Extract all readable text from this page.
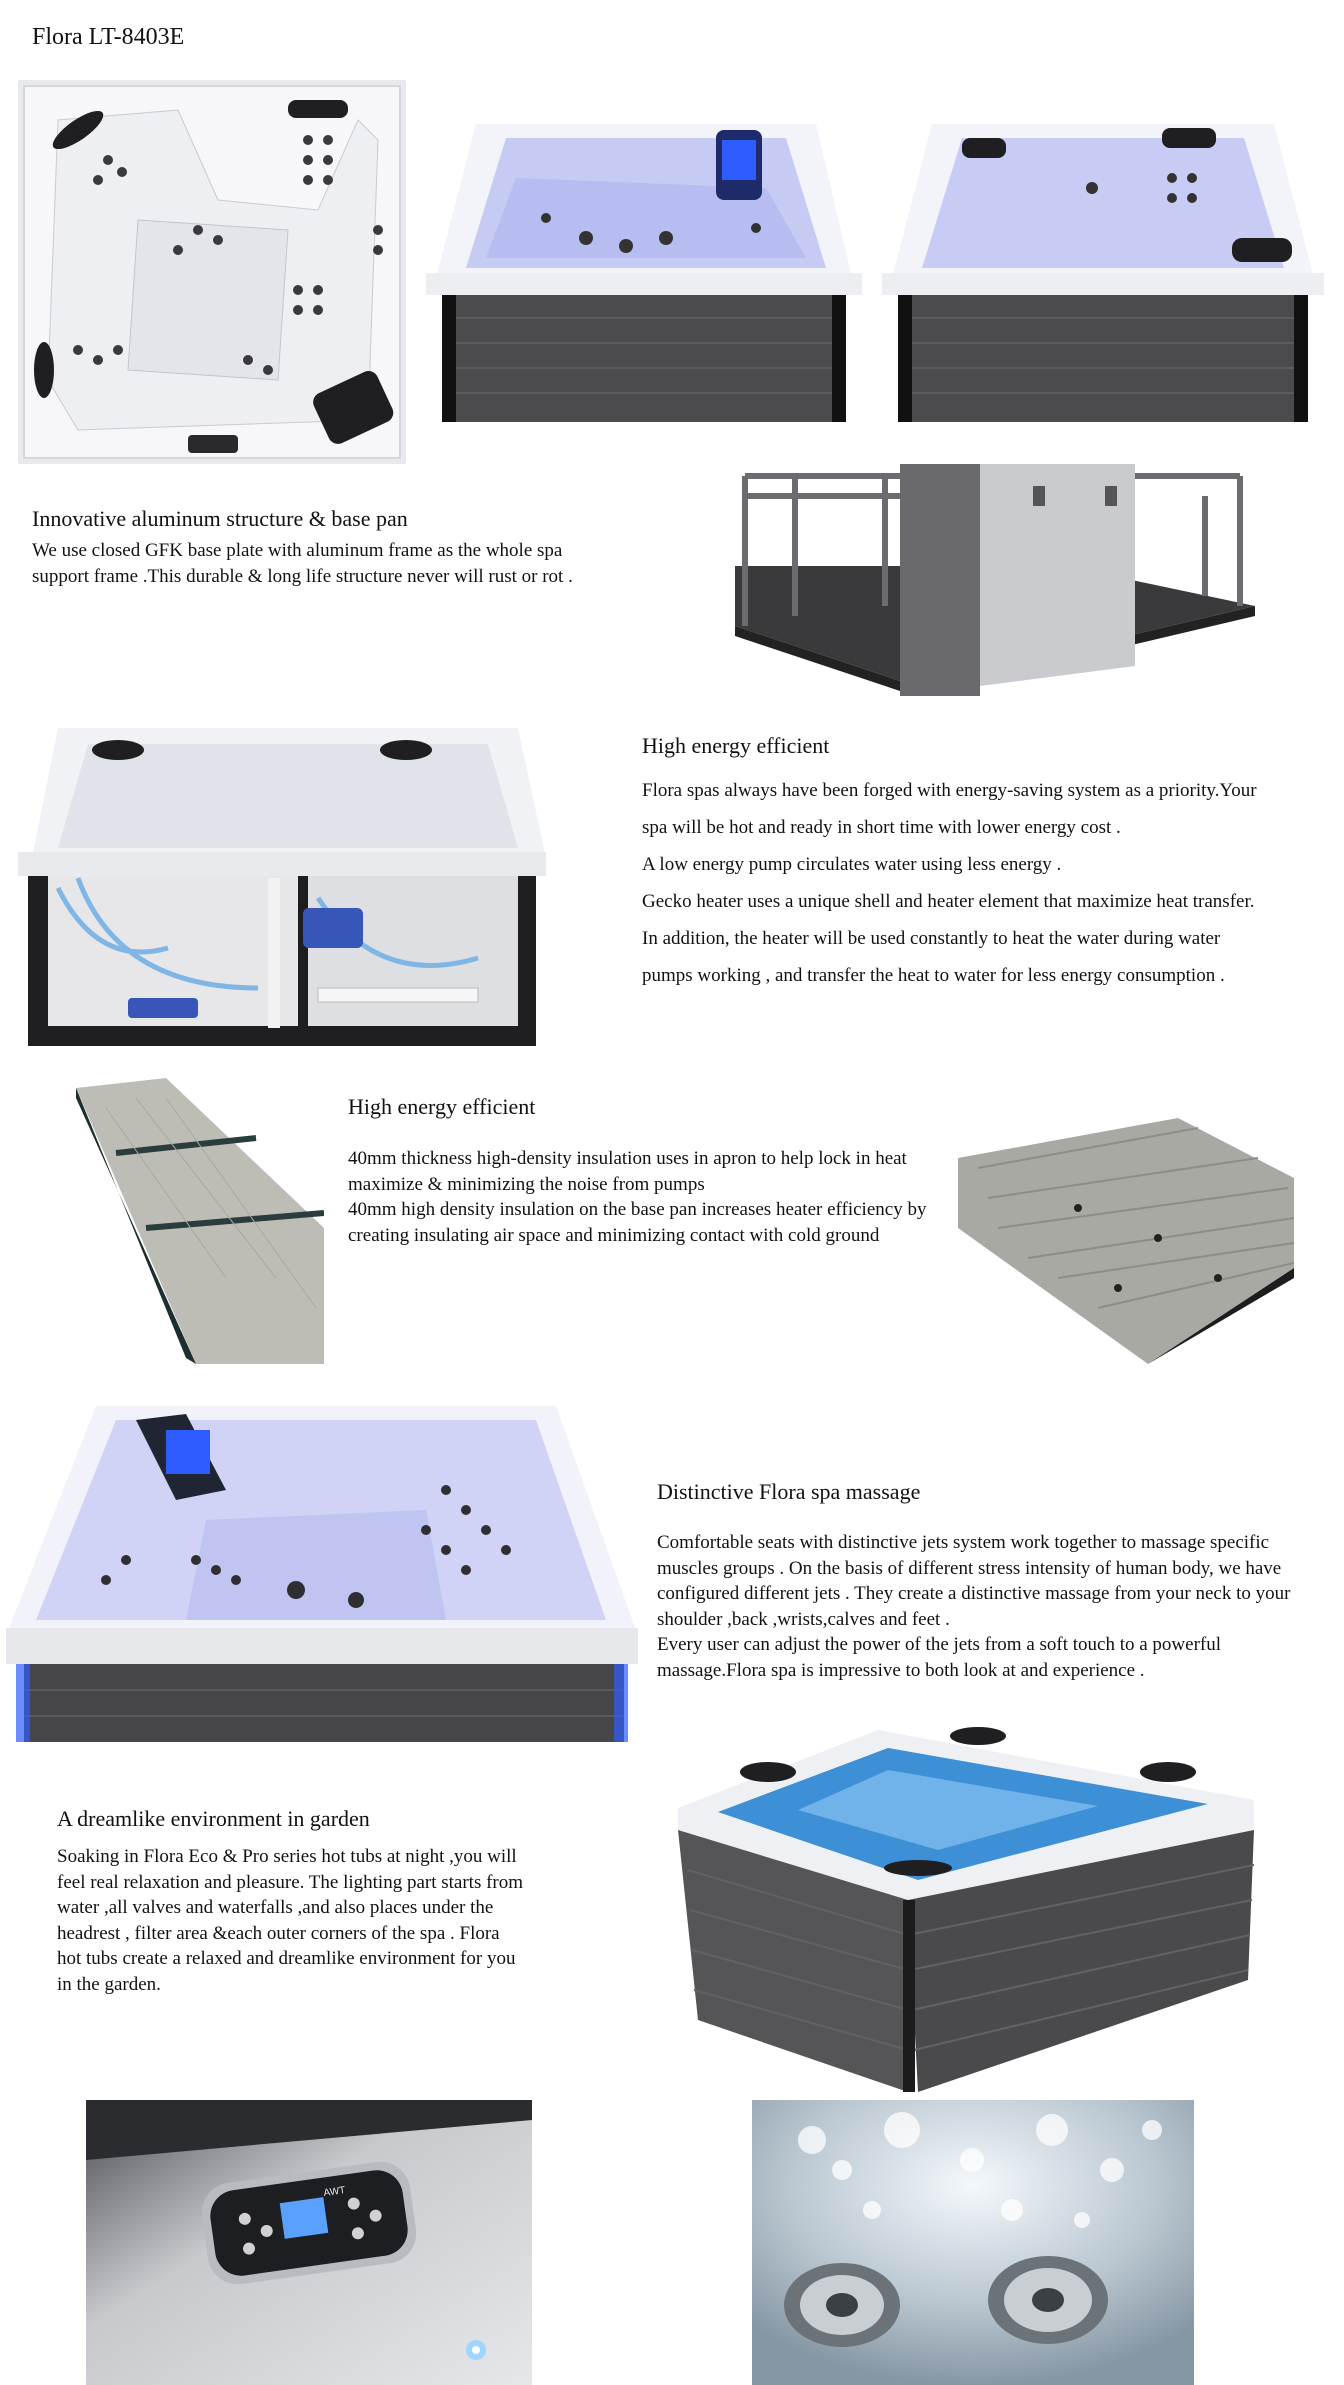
Flora LT-8403E
Innovative aluminum structure & base pan
We use closed GFK base plate with aluminum frame as the whole spa support frame .This durable & long life structure never will rust or rot .
High energy efficient

Flora spas always have been forged with energy-saving system as a priority.Your spa will be hot and ready in short time with lower energy cost .

A low energy pump circulates water using less energy .

Gecko heater uses a unique shell and heater element that maximize heat transfer. In addition, the heater will be used constantly to heat the water during water pumps working , and transfer the heat to water for less energy consumption .

High energy efficient

40mm thickness high-density insulation uses in apron to help lock in heat maximize & minimizing the noise from pumps

40mm high density insulation on the base pan increases heater efficiency by creating insulating air space and minimizing contact with cold ground

Distinctive Flora spa massage

Comfortable seats with distinctive jets system work together to massage specific muscles groups . On the basis of different stress intensity of human body, we have configured different jets . They create a distinctive massage from your neck to your shoulder ,back ,wrists,calves and feet .

Every user can adjust the power of the jets from a soft touch to a powerful massage.Flora spa is impressive to both look at and experience .

A dreamlike environment in garden
Soaking in Flora Eco & Pro series hot tubs at night ,you will feel real relaxation and pleasure. The lighting part starts from water ,all valves and waterfalls ,and also places under the headrest , filter area &each outer corners of the spa . Flora hot tubs create a relaxed and dreamlike environment for you in the garden.
AWT
